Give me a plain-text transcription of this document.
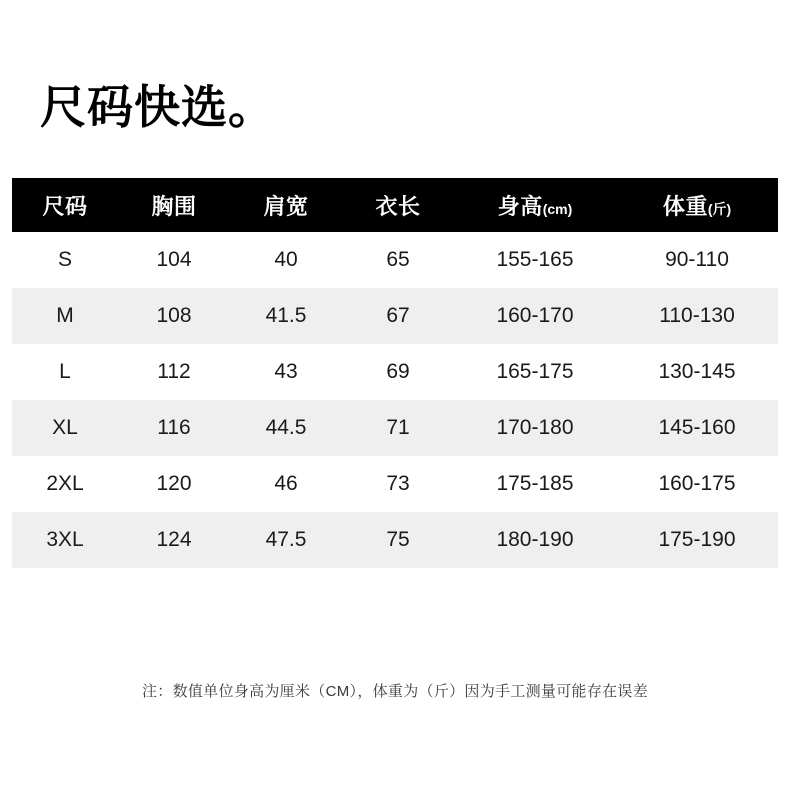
尺码快选。
尺码	胸围	肩宽	衣长	身高(cm)	体重(斤)
S	104	40	65	155-165	90-110
M	108	41.5	67	160-170	110-130
L	112	43	69	165-175	130-145
XL	116	44.5	71	170-180	145-160
2XL	120	46	73	175-185	160-175
3XL	124	47.5	75	180-190	175-190
注：数值单位身高为厘米（CM），体重为（斤）因为手工测量可能存在误差
